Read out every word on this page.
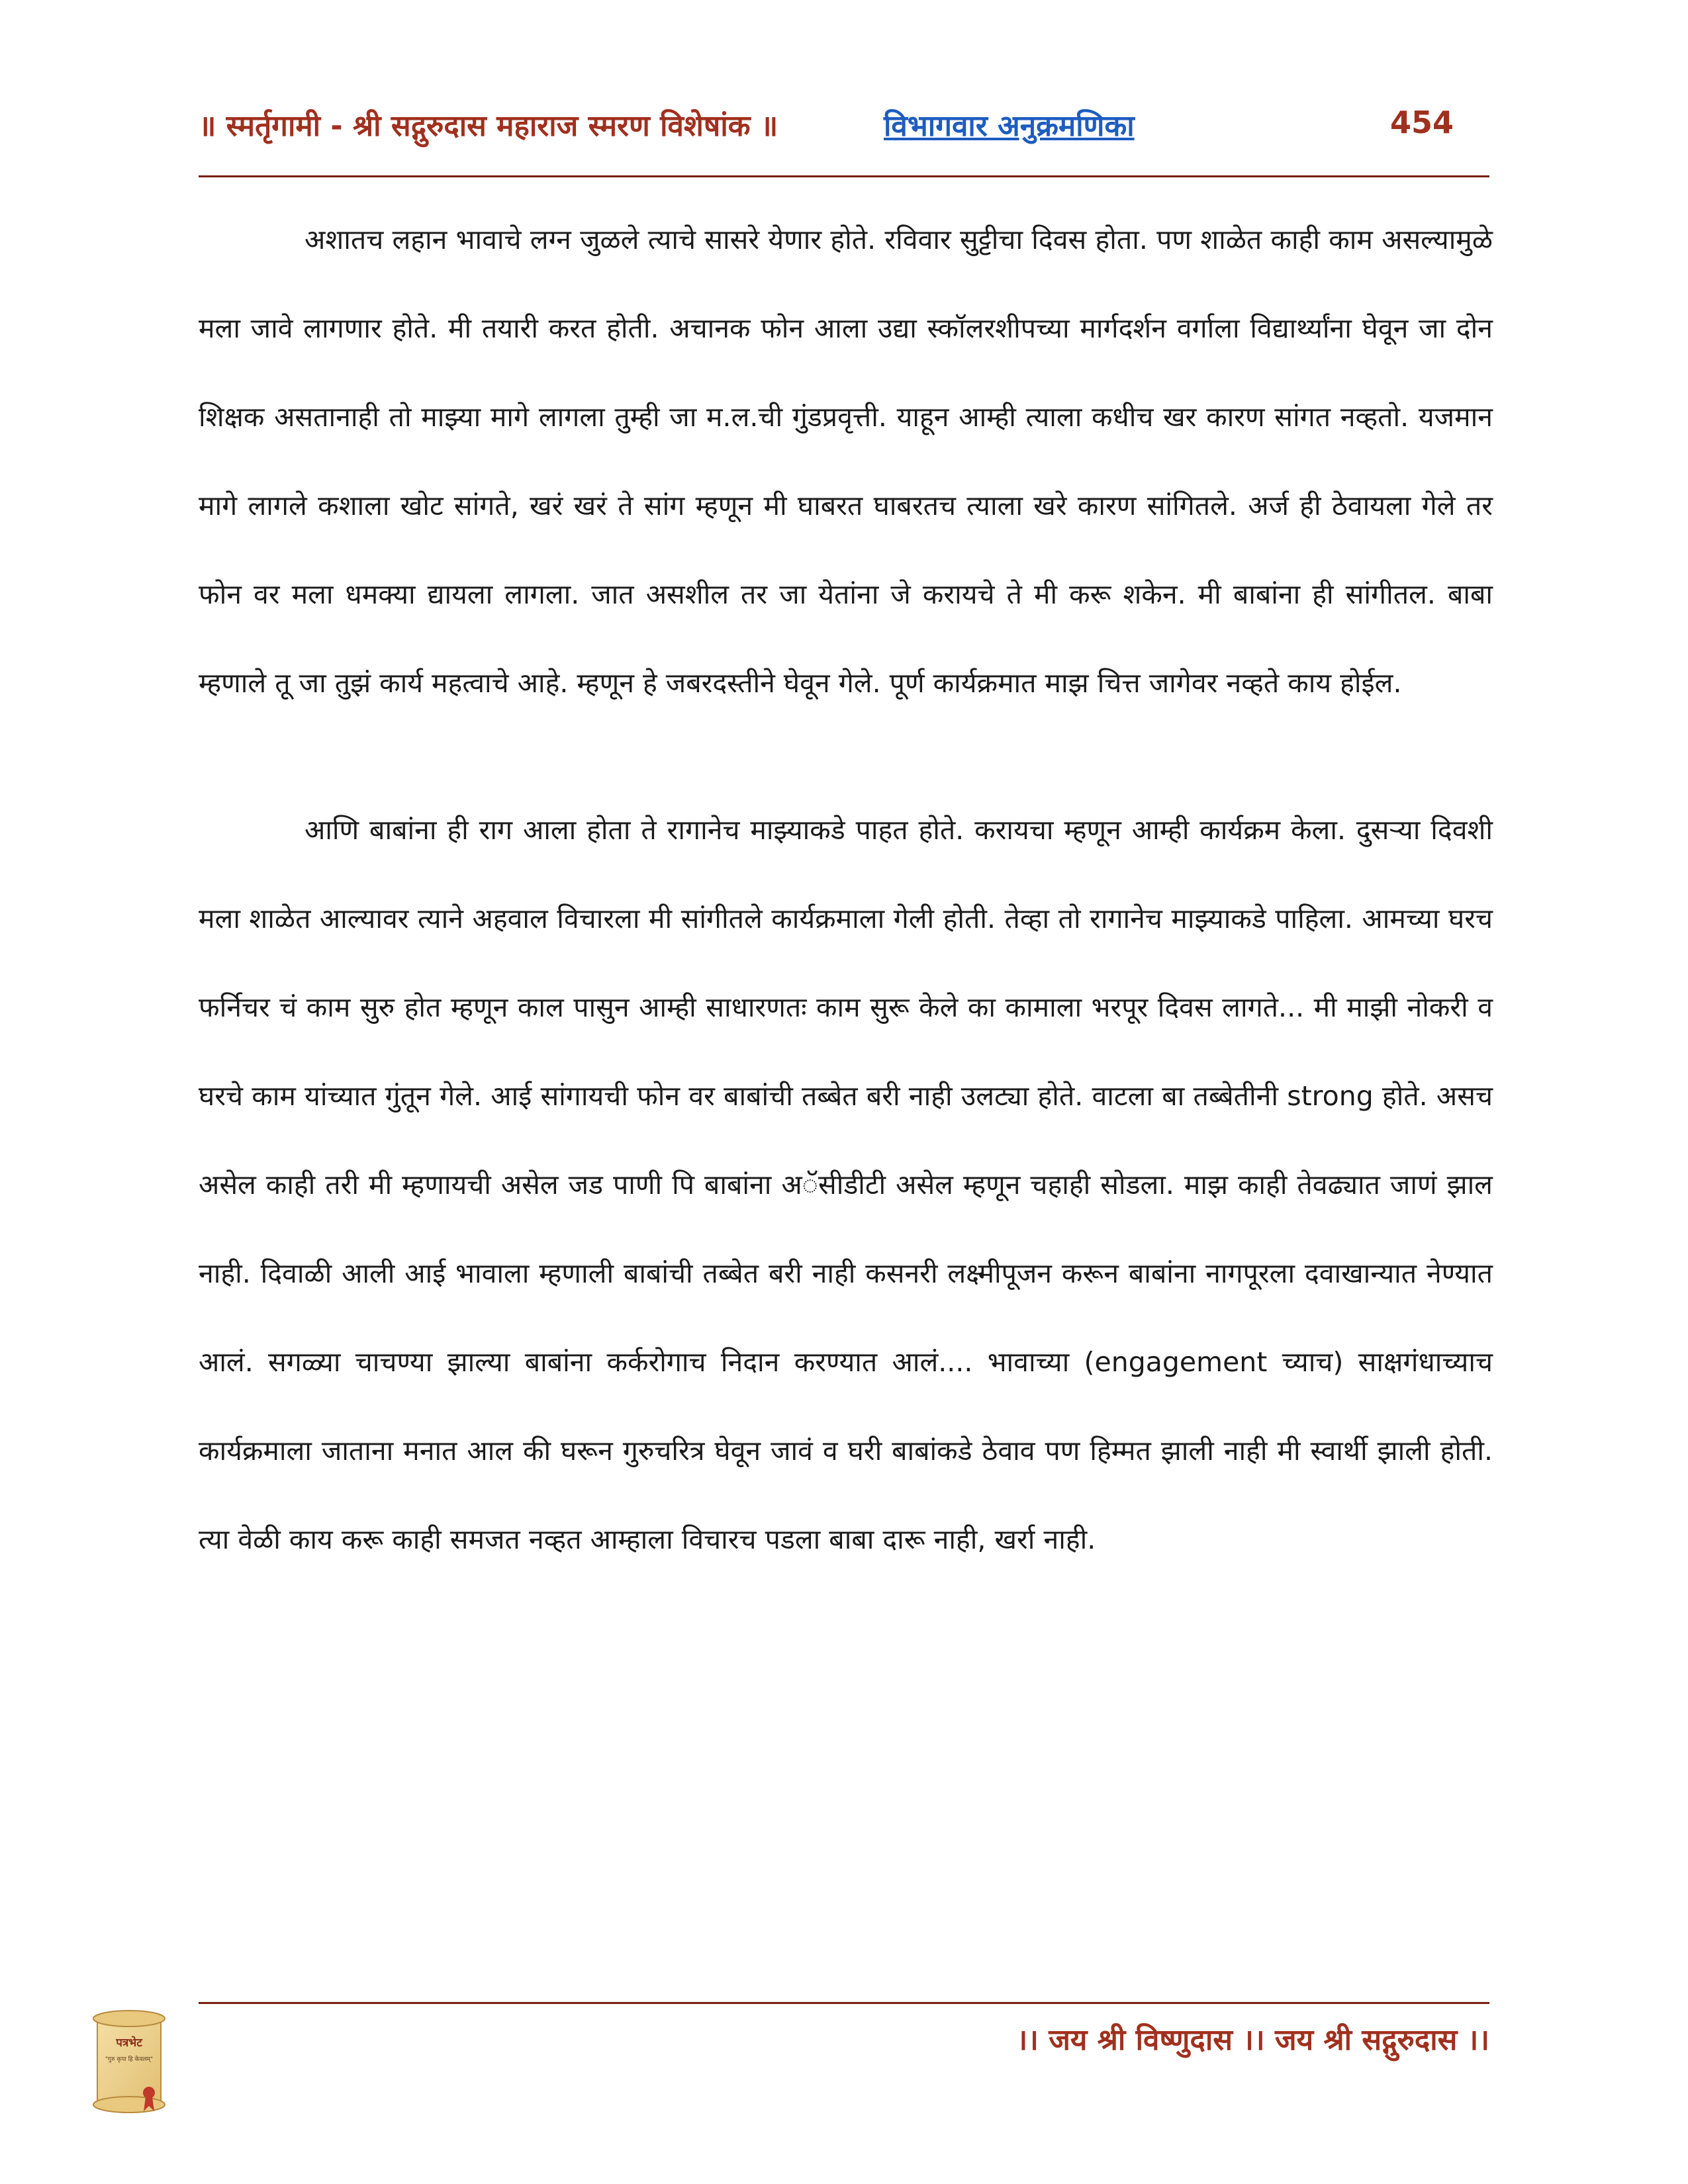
॥ स्मर्तृगामी - श्री सद्गुरुदास महाराज स्मरण विशेषांक ॥	विभागवार अनुक्रमणिका	454

अशातच लहान भावाचे लग्न जुळले त्याचे सासरे येणार होते. रविवार सुट्टीचा दिवस होता. पण शाळेत काही काम असल्यामुळे मला जावे लागणार होते. मी तयारी करत होती. अचानक फोन आला उद्या स्कॉलरशीपच्या मार्गदर्शन वर्गाला विद्यार्थ्यांना घेवून जा दोन शिक्षक असतानाही तो माझ्या मागे लागला तुम्ही जा म.ल.ची गुंडप्रवृत्ती. याहून आम्ही त्याला कधीच खर कारण सांगत नव्हतो. यजमान मागे लागले कशाला खोट सांगते, खरं खरं ते सांग म्हणून मी घाबरत घाबरतच त्याला खरे कारण सांगितले. अर्ज ही ठेवायला गेले तर फोन वर मला धमक्या द्यायला लागला. जात असशील तर जा येतांना जे करायचे ते मी करू शकेन. मी बाबांना ही सांगीतल. बाबा म्हणाले तू जा तुझं कार्य महत्वाचे आहे. म्हणून हे जबरदस्तीने घेवून गेले. पूर्ण कार्यक्रमात माझ चित्त जागेवर नव्हते काय होईल.

आणि बाबांना ही राग आला होता ते रागानेच माझ्याकडे पाहत होते. करायचा म्हणून आम्ही कार्यक्रम केला. दुसऱ्या दिवशी मला शाळेत आल्यावर त्याने अहवाल विचारला मी सांगीतले कार्यक्रमाला गेली होती. तेव्हा तो रागानेच माझ्याकडे पाहिला. आमच्या घरच फर्निचर चं काम सुरु होत म्हणून काल पासुन आम्ही साधारणतः काम सुरू केले का कामाला भरपूर दिवस लागते... मी माझी नोकरी व घरचे काम यांच्यात गुंतून गेले. आई सांगायची फोन वर बाबांची तब्बेत बरी नाही उलट्या होते. वाटला बा तब्बेतीनी strong होते. असच असेल काही तरी मी म्हणायची असेल जड पाणी पि बाबांना अॅसीडीटी असेल म्हणून चहाही सोडला. माझ काही तेवढ्यात जाणं झाल नाही. दिवाळी आली आई भावाला म्हणाली बाबांची तब्बेत बरी नाही कसनरी लक्ष्मीपूजन करून बाबांना नागपूरला दवाखान्यात नेण्यात आलं. सगळ्या चाचण्या झाल्या बाबांना कर्करोगाच निदान करण्यात आलं.... भावाच्या (engagement च्याच) साक्षगंधाच्याच कार्यक्रमाला जाताना मनात आल की घरून गुरुचरित्र घेवून जावं व घरी बाबांकडे ठेवाव पण हिम्मत झाली नाही मी स्वार्थी झाली होती. त्या वेळी काय करू काही समजत नव्हत आम्हाला विचारच पडला बाबा दारू नाही, खर्रा नाही.

पत्रभेट
"गुरु कृपा हि केवलम्"
।। जय श्री विष्णुदास ।। जय श्री सद्गुरुदास ।।
